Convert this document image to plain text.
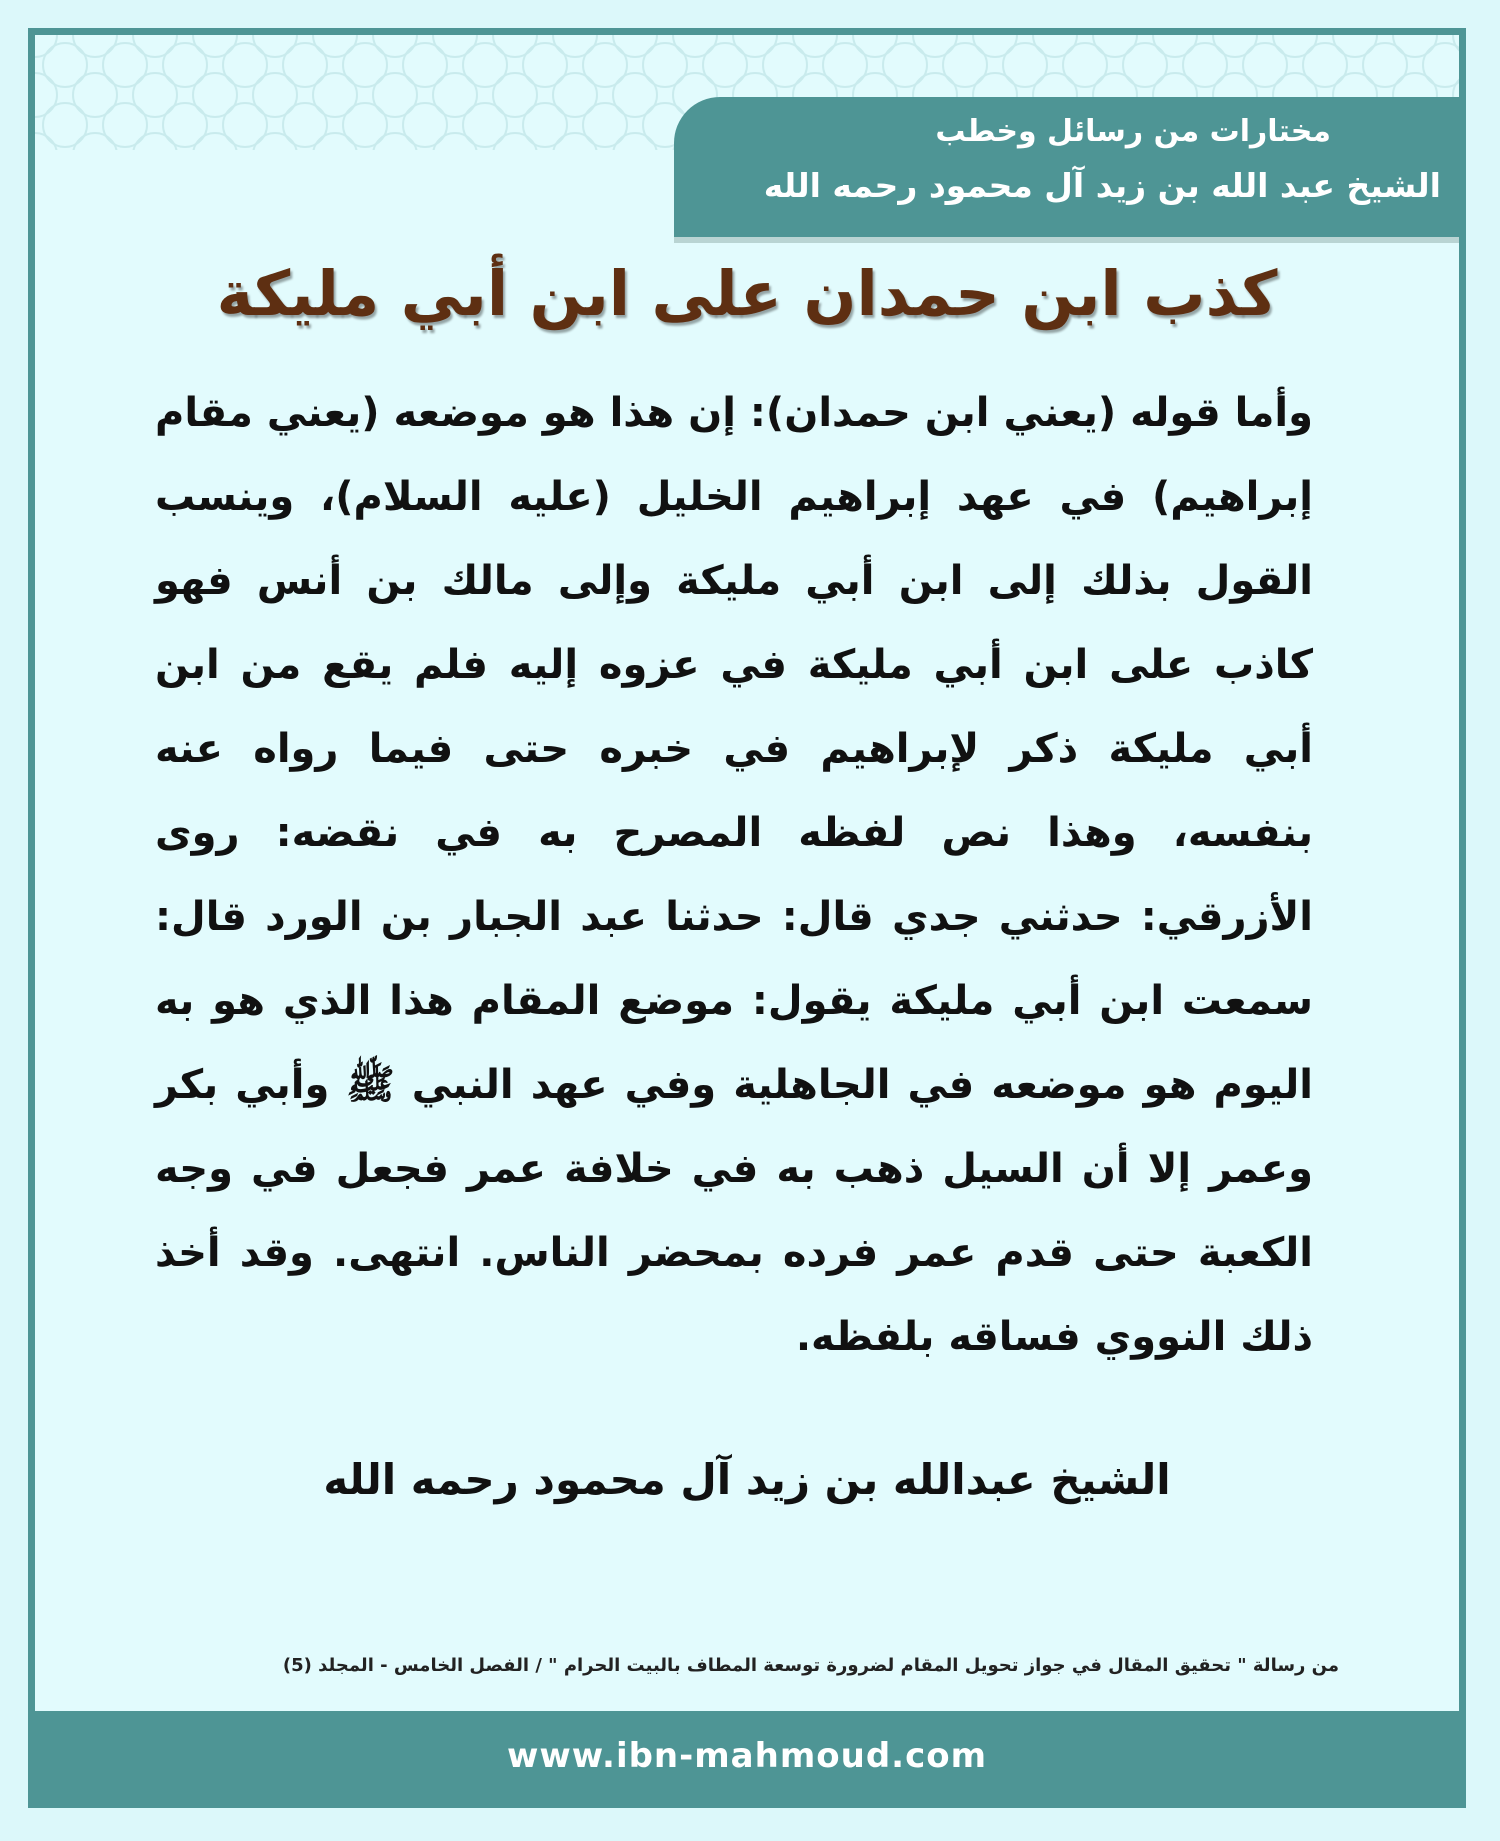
مختارات من رسائل وخطب
الشيخ عبد الله بن زيد آل محمود رحمه الله
كذب ابن حمدان على ابن أبي مليكة
وأما قوله (يعني ابن حمدان): إن هذا هو موضعه (يعني مقام إبراهيم) في عهد إبراهيم الخليل (عليه السلام)، وينسب القول بذلك إلى ابن أبي مليكة وإلى مالك بن أنس فهو كاذب على ابن أبي مليكة في عزوه إليه فلم يقع من ابن أبي مليكة ذكر لإبراهيم في خبره حتى فيما رواه عنه بنفسه، وهذا نص لفظه المصرح به في نقضه: روى الأزرقي: حدثني جدي قال: حدثنا عبد الجبار بن الورد قال: سمعت ابن أبي مليكة يقول: موضع المقام هذا الذي هو به اليوم هو موضعه في الجاهلية وفي عهد النبي ﷺ وأبي بكر وعمر إلا أن السيل ذهب به في خلافة عمر فجعل في وجه الكعبة حتى قدم عمر فرده بمحضر الناس. انتهى. وقد أخذ ذلك النووي فساقه بلفظه.
الشيخ عبدالله بن زيد آل محمود رحمه الله
من رسالة " تحقيق المقال في جواز تحويل المقام لضرورة توسعة المطاف بالبيت الحرام " / الفصل الخامس - المجلد (5)
www.ibn-mahmoud.com
